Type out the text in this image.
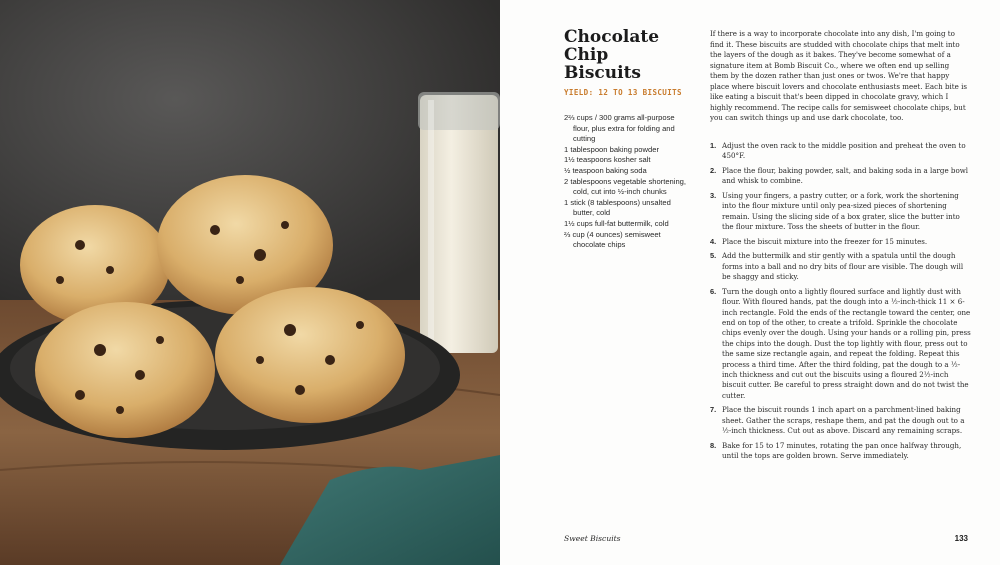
Chocolate Chip Biscuits
YIELD: 12 TO 13 BISCUITS
2⅔ cups / 300 grams all-purpose flour, plus extra for folding and cutting
1 tablespoon baking powder
1½ teaspoons kosher salt
½ teaspoon baking soda
2 tablespoons vegetable shortening, cold, cut into ½-inch chunks
1 stick (8 tablespoons) unsalted butter, cold
1½ cups full-fat buttermilk, cold
⅔ cup (4 ounces) semisweet chocolate chips

If there is a way to incorporate chocolate into any dish, I'm going to find it. These biscuits are studded with chocolate chips that melt into the layers of the dough as it bakes. They've become somewhat of a signature item at Bomb Biscuit Co., where we often end up selling them by the dozen rather than just ones or twos. We're that happy place where biscuit lovers and chocolate enthusiasts meet. Each bite is like eating a biscuit that's been dipped in chocolate gravy, which I highly recommend. The recipe calls for semisweet chocolate chips, but you can switch things up and use dark chocolate, too.

1. Adjust the oven rack to the middle position and preheat the oven to 450°F.
2. Place the flour, baking powder, salt, and baking soda in a large bowl and whisk to combine.
3. Using your fingers, a pastry cutter, or a fork, work the shortening into the flour mixture until only pea-sized pieces of shortening remain. Using the slicing side of a box grater, slice the butter into the flour mixture. Toss the sheets of butter in the flour.
4. Place the biscuit mixture into the freezer for 15 minutes.
5. Add the buttermilk and stir gently with a spatula until the dough forms into a ball and no dry bits of flour are visible. The dough will be shaggy and sticky.
6. Turn the dough onto a lightly floured surface and lightly dust with flour. With floured hands, pat the dough into a ½-inch-thick 11 × 6-inch rectangle. Fold the ends of the rectangle toward the center, one end on top of the other, to create a trifold. Sprinkle the chocolate chips evenly over the dough. Using your hands or a rolling pin, press the chips into the dough. Dust the top lightly with flour, press out to the same size rectangle again, and repeat the folding. Repeat this process a third time. After the third folding, pat the dough to a ½-inch thickness and cut out the biscuits using a floured 2½-inch biscuit cutter. Be careful to press straight down and do not twist the cutter.
7. Place the biscuit rounds 1 inch apart on a parchment-lined baking sheet. Gather the scraps, reshape them, and pat the dough out to a ½-inch thickness. Cut out as above. Discard any remaining scraps.
8. Bake for 15 to 17 minutes, rotating the pan once halfway through, until the tops are golden brown. Serve immediately.
Sweet Biscuits	133
